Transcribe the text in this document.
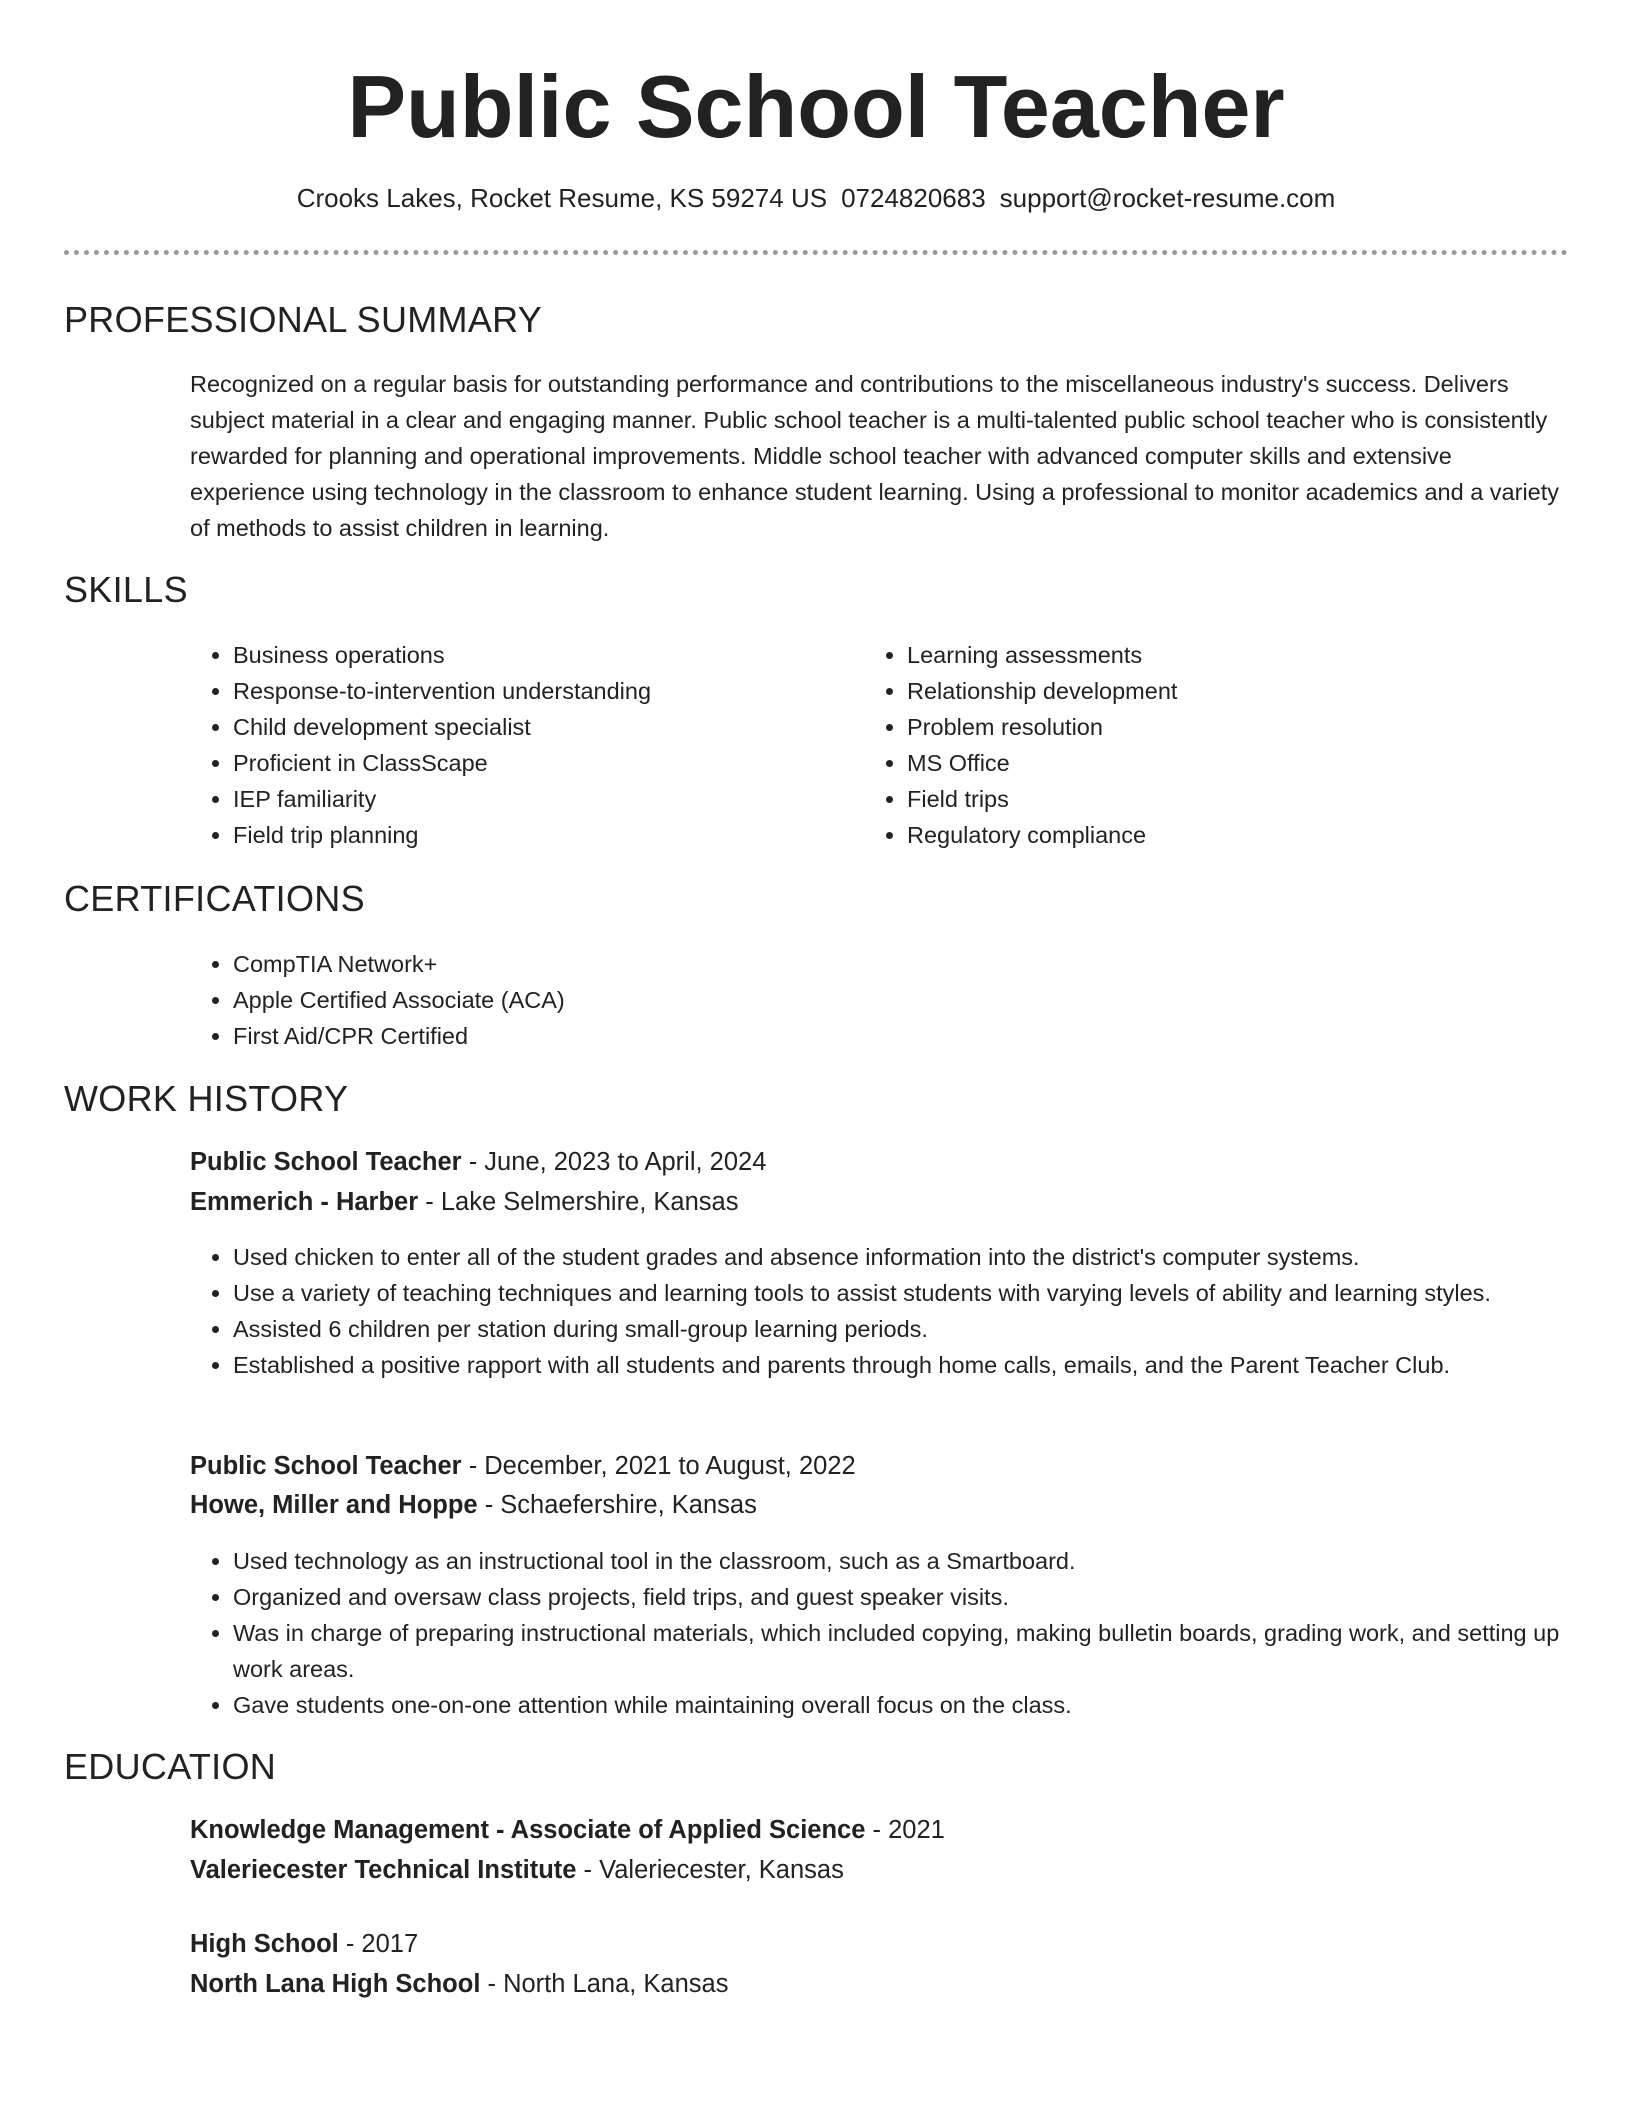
Public School Teacher
Crooks Lakes, Rocket Resume, KS 59274 US 0724820683 support@rocket-resume.com
PROFESSIONAL SUMMARY

Recognized on a regular basis for outstanding performance and contributions to the miscellaneous industry's success. Delivers subject material in a clear and engaging manner. Public school teacher is a multi-talented public school teacher who is consistently rewarded for planning and operational improvements. Middle school teacher with advanced computer skills and extensive experience using technology in the classroom to enhance student learning. Using a professional to monitor academics and a variety of methods to assist children in learning.

SKILLS
• Business operations
• Response-to-intervention understanding
• Child development specialist
• Proficient in ClassScape
• IEP familiarity
• Field trip planning
• Learning assessments
• Relationship development
• Problem resolution
• MS Office
• Field trips
• Regulatory compliance
CERTIFICATIONS
• CompTIA Network+
• Apple Certified Associate (ACA)
• First Aid/CPR Certified
WORK HISTORY
Public School Teacher - June, 2023 to April, 2024
Emmerich - Harber - Lake Selmershire, Kansas
• Used chicken to enter all of the student grades and absence information into the district's computer systems.
• Use a variety of teaching techniques and learning tools to assist students with varying levels of ability and learning styles.
• Assisted 6 children per station during small-group learning periods.
• Established a positive rapport with all students and parents through home calls, emails, and the Parent Teacher Club.
Public School Teacher - December, 2021 to August, 2022
Howe, Miller and Hoppe - Schaefershire, Kansas
• Used technology as an instructional tool in the classroom, such as a Smartboard.
• Organized and oversaw class projects, field trips, and guest speaker visits.
• Was in charge of preparing instructional materials, which included copying, making bulletin boards, grading work, and setting up work areas.
• Gave students one-on-one attention while maintaining overall focus on the class.
EDUCATION
Knowledge Management - Associate of Applied Science - 2021
Valeriecester Technical Institute - Valeriecester, Kansas
High School - 2017
North Lana High School - North Lana, Kansas
